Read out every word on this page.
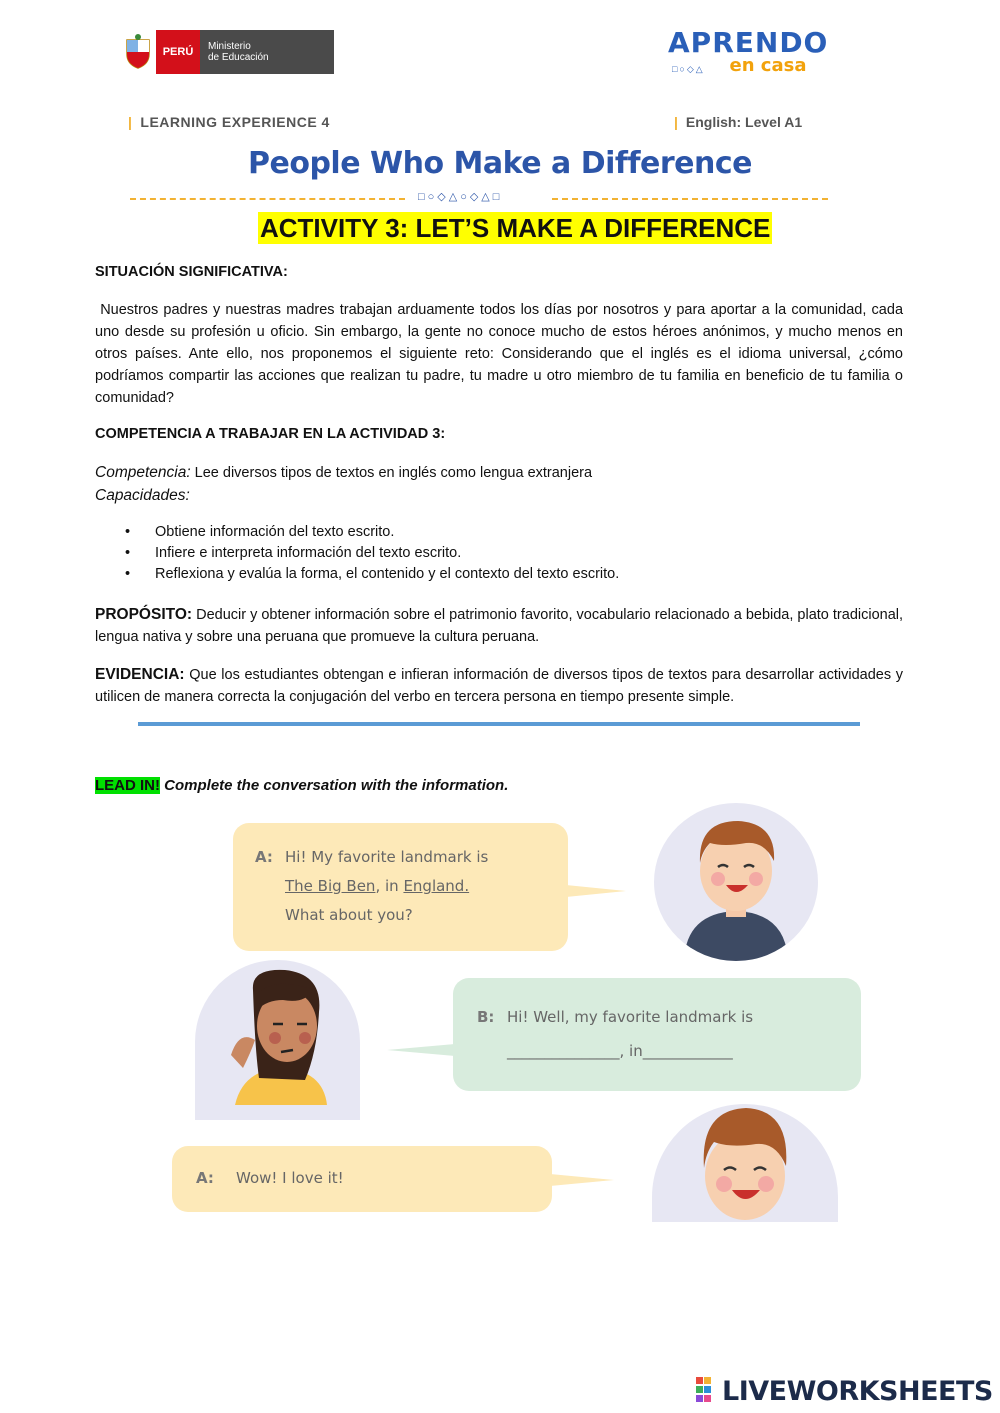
PERÚ	Ministerio
de Educación	APRENDO
□○◇△	en casa
| LEARNING EXPERIENCE 4	| English: Level A1
People Who Make a Difference
□○◇△○◇△□
ACTIVITY 3: LET’S MAKE A DIFFERENCE
SITUACIÓN SIGNIFICATIVA:
Nuestros padres y nuestras madres trabajan arduamente todos los días por nosotros y para aportar a la comunidad, cada uno desde su profesión u oficio. Sin embargo, la gente no conoce mucho de estos héroes anónimos, y mucho menos en otros países. Ante ello, nos proponemos el siguiente reto: Considerando que el inglés es el idioma universal, ¿cómo podríamos compartir las acciones que realizan tu padre, tu madre u otro miembro de tu familia en beneficio de tu familia o comunidad?
COMPETENCIA A TRABAJAR EN LA ACTIVIDAD 3:
Competencia: Lee diversos tipos de textos en inglés como lengua extranjera
Capacidades:
• Obtiene información del texto escrito.
• Infiere e interpreta información del texto escrito.
• Reflexiona y evalúa la forma, el contenido y el contexto del texto escrito.
PROPÓSITO: Deducir y obtener información sobre el patrimonio favorito, vocabulario relacionado a bebida, plato tradicional, lengua nativa y sobre una peruana que promueve la cultura peruana.
EVIDENCIA: Que los estudiantes obtengan e infieran información de diversos tipos de textos para desarrollar actividades y utilicen de manera correcta la conjugación del verbo en tercera persona en tiempo presente simple.
LEAD IN! Complete the conversation with the information.
A: Hi! My favorite landmark is
The Big Ben, in England.
What about you?
B: Hi! Well, my favorite landmark is
_______________, in____________
A: Wow! I love it!
LIVEWORKSHEETS
